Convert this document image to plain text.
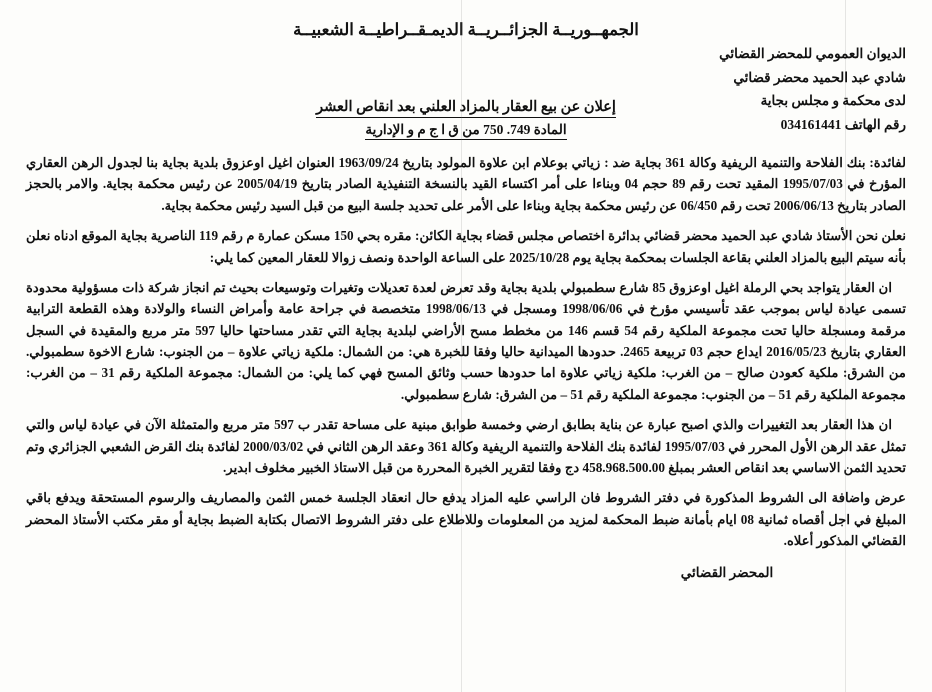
الجمهــوريــة الجزائــريــة الديمـقــراطيــة الشعبيــة
الديوان العمومي للمحضر القضائي
شادي عبد الحميد محضر قضائي
لدى محكمة و مجلس بجاية
رقم الهاتف 034161441
إعلان عن بيع العقار بالمزاد العلني بعد انقاص العشر
المادة 749. 750 من ق ا ج م و الإدارية

لفائدة: بنك الفلاحة والتنمية الريفية وكالة 361 بجاية ضد : زياتي بوعلام ابن علاوة المولود بتاريخ 1963/09/24 العنوان اغيل اوعزوق بلدية بجاية بنا لجدول الرهن العقاري المؤرخ في 1995/07/03 المقيد تحت رقم 89 حجم 04 وبناءا على أمر اكتساء القيد بالنسخة التنفيذية الصادر بتاريخ 2005/04/19 عن رئيس محكمة بجاية. والامر بالحجز الصادر بتاريخ 2006/06/13 تحت رقم 06/450 عن رئيس محكمة بجاية وبناءا على الأمر على تحديد جلسة البيع من قبل السيد رئيس محكمة بجاية.

نعلن نحن الأستاذ شادي عبد الحميد محضر قضائي بدائرة اختصاص مجلس قضاء بجاية الكائن: مقره بحي 150 مسكن عمارة م رقم 119 الناصرية بجاية الموقع ادناه نعلن بأنه سيتم البيع بالمزاد العلني بقاعة الجلسات بمحكمة بجاية يوم 2025/10/28 على الساعة الواحدة ونصف زوالا للعقار المعين كما يلي:

ان العقار يتواجد بحي الرملة اغيل اوعزوق 85 شارع سطمبولي بلدية بجاية وقد تعرض لعدة تعديلات وتغيرات وتوسيعات بحيث تم انجاز شركة ذات مسؤولية محدودة تسمى عيادة لياس بموجب عقد تأسيسي مؤرخ في 1998/06/06 ومسجل في 1998/06/13 متخصصة في جراحة عامة وأمراض النساء والولادة وهذه القطعة الترابية مرقمة ومسجلة حاليا تحت مجموعة الملكية رقم 54 قسم 146 من مخطط مسح الأراضي لبلدية بجاية التي تقدر مساحتها حاليا 597 متر مربع والمقيدة في السجل العقاري بتاريخ 2016/05/23 ايداع حجم 03 تربيعة 2465. حدودها الميدانية حاليا وفقا للخبرة هي: من الشمال: ملكية زياتي علاوة – من الجنوب: شارع الاخوة سطمبولي. من الشرق: ملكية كعودن صالح – من الغرب: ملكية زياتي علاوة اما حدودها حسب وثائق المسح فهي كما يلي: من الشمال: مجموعة الملكية رقم 31 – من الغرب: مجموعة الملكية رقم 51 – من الجنوب: مجموعة الملكية رقم 51 – من الشرق: شارع سطمبولي.

ان هذا العقار بعد التغييرات والذي اصبح عبارة عن بناية بطابق ارضي وخمسة طوابق مبنية على مساحة تقدر ب 597 متر مربع والمتمثلة الآن في عيادة لياس والتي تمثل عقد الرهن الأول المحرر في 1995/07/03 لفائدة بنك الفلاحة والتنمية الريفية وكالة 361 وعقد الرهن الثاني في 2000/03/02 لفائدة بنك القرض الشعبي الجزائري وتم تحديد الثمن الاساسي بعد انقاص العشر بمبلغ 458.968.500.00 دج وفقا لتقرير الخبرة المحررة من قبل الاستاذ الخبير مخلوف ابدير.

عرض واضافة الى الشروط المذكورة في دفتر الشروط فان الراسي عليه المزاد يدفع حال انعقاد الجلسة خمس الثمن والمصاريف والرسوم المستحقة ويدفع باقي المبلغ في اجل أقصاه ثمانية 08 ايام بأمانة ضبط المحكمة لمزيد من المعلومات وللاطلاع على دفتر الشروط الاتصال بكتابة الضبط بجاية أو مقر مكتب الأستاذ المحضر القضائي المذكور أعلاه.

المحضر القضائي
